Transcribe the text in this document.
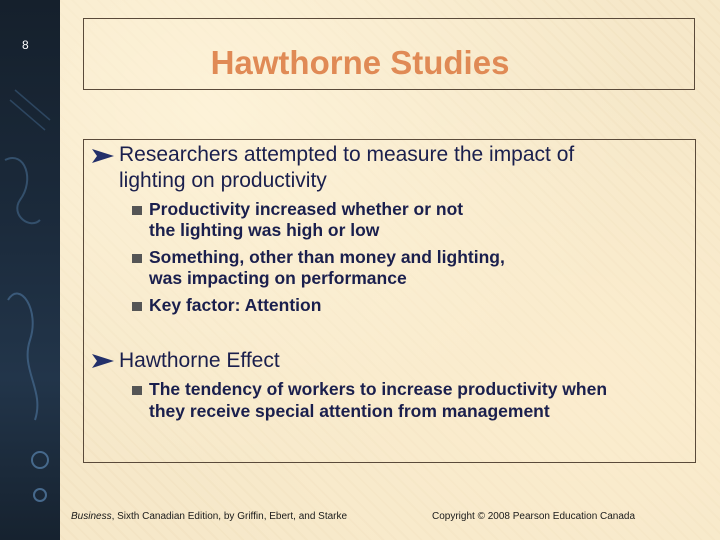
8	Hawthorne Studies
Researchers attempted to measure the impact of
lighting on productivity
Productivity increased whether or not
the lighting was high or low
Something, other than money and lighting,
was impacting on performance
Key factor: Attention
Hawthorne Effect
The tendency of workers to increase productivity when
they receive special attention from management
Business, Sixth Canadian Edition, by Griffin, Ebert, and Starke	Copyright © 2008 Pearson Education Canada
